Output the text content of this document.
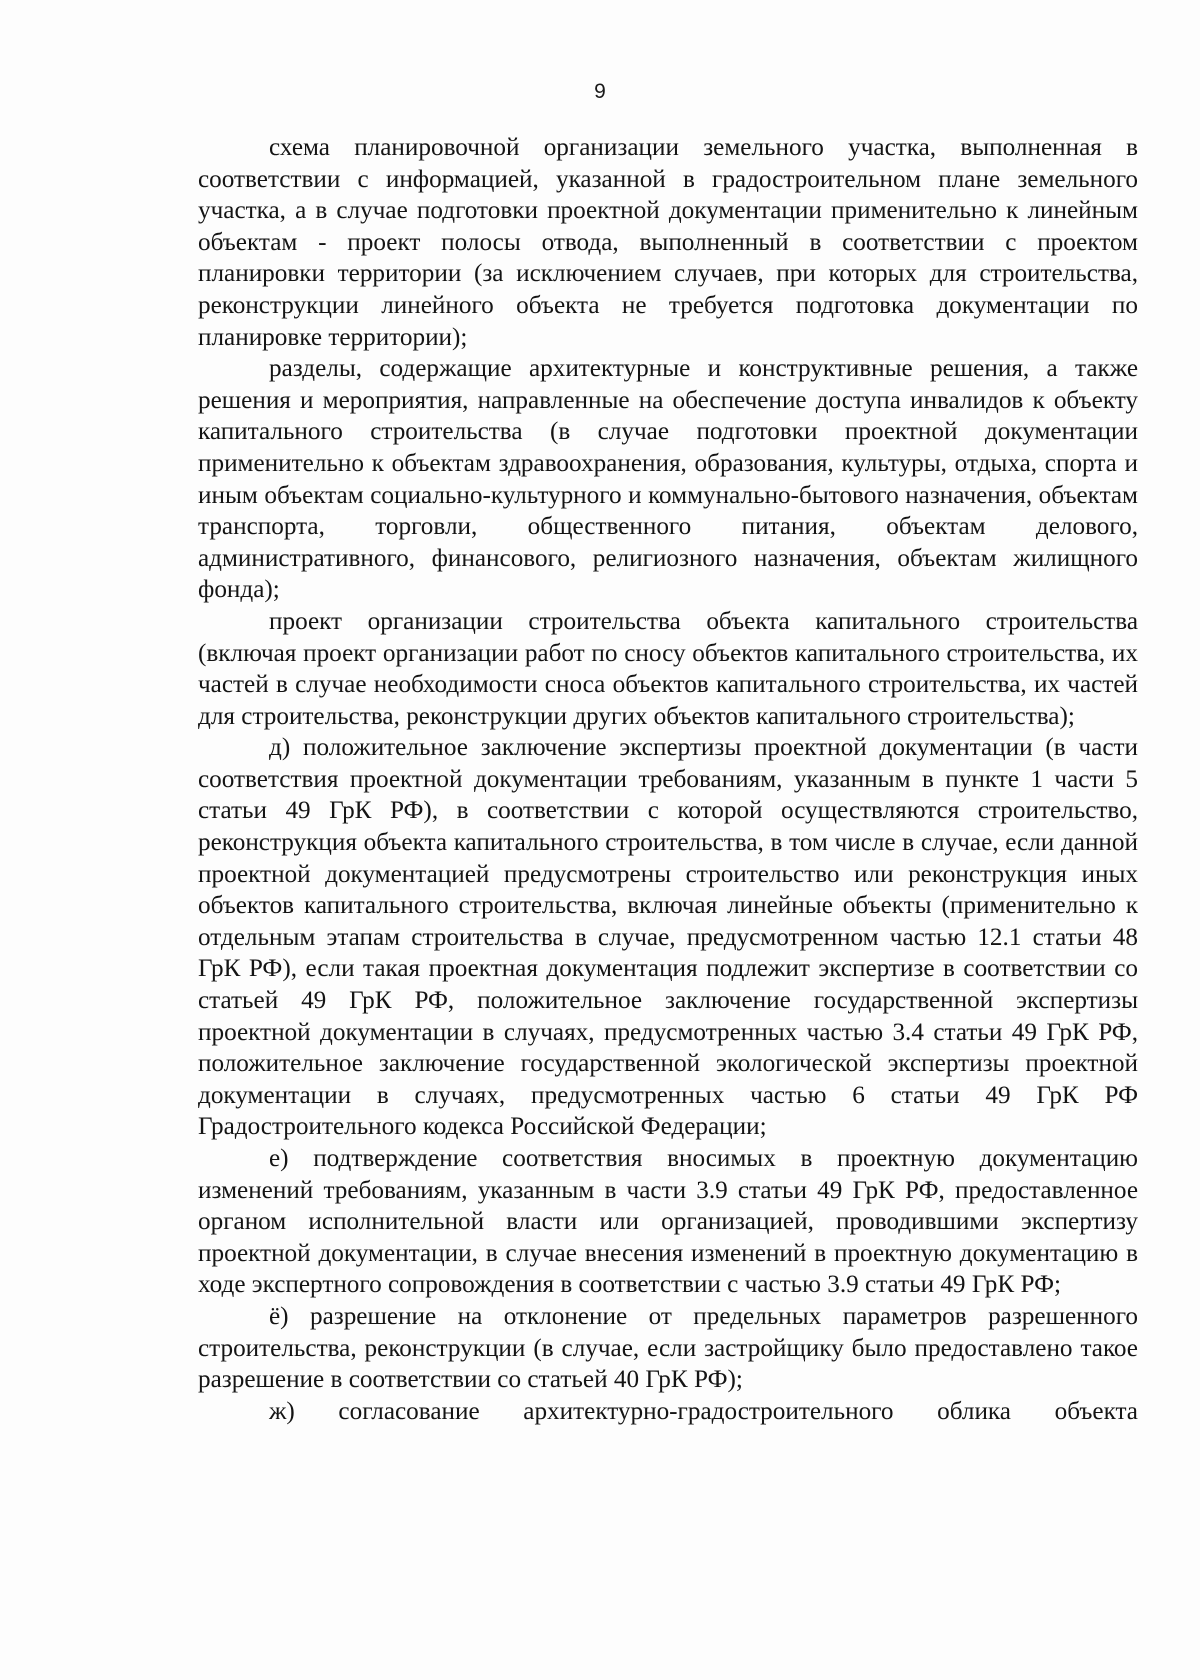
9

схема планировочной организации земельного участка, выполненная в соответствии с информацией, указанной в градостроительном плане земельного участка, а в случае подготовки проектной документации применительно к линейным объектам - проект полосы отвода, выполненный в соответствии с проектом планировки территории (за исключением случаев, при которых для строительства, реконструкции линейного объекта не требуется подготовка документации по планировке территории);

разделы, содержащие архитектурные и конструктивные решения, а также решения и мероприятия, направленные на обеспечение доступа инвалидов к объекту капитального строительства (в случае подготовки проектной документации применительно к объектам здравоохранения, образования, культуры, отдыха, спорта и иным объектам социально-культурного и коммунально-бытового назначения, объектам транспорта, торговли, общественного питания, объектам делового, административного, финансового, религиозного назначения, объектам жилищного фонда);

проект организации строительства объекта капитального строительства (включая проект организации работ по сносу объектов капитального строительства, их частей в случае необходимости сноса объектов капитального строительства, их частей для строительства, реконструкции других объектов капитального строительства);

д) положительное заключение экспертизы проектной документации (в части соответствия проектной документации требованиям, указанным в пункте 1 части 5 статьи 49 ГрК РФ), в соответствии с которой осуществляются строительство, реконструкция объекта капитального строительства, в том числе в случае, если данной проектной документацией предусмотрены строительство или реконструкция иных объектов капитального строительства, включая линейные объекты (применительно к отдельным этапам строительства в случае, предусмотренном частью 12.1 статьи 48 ГрК РФ), если такая проектная документация подлежит экспертизе в соответствии со статьей 49 ГрК РФ, положительное заключение государственной экспертизы проектной документации в случаях, предусмотренных частью 3.4 статьи 49 ГрК РФ, положительное заключение государственной экологической экспертизы проектной документации в случаях, предусмотренных частью 6 статьи 49 ГрК РФ Градостроительного кодекса Российской Федерации;

е) подтверждение соответствия вносимых в проектную документацию изменений требованиям, указанным в части 3.9 статьи 49 ГрК РФ, предоставленное органом исполнительной власти или организацией, проводившими экспертизу проектной документации, в случае внесения изменений в проектную документацию в ходе экспертного сопровождения в соответствии с частью 3.9 статьи 49 ГрК РФ;

ё) разрешение на отклонение от предельных параметров разрешенного строительства, реконструкции (в случае, если застройщику было предоставлено такое разрешение в соответствии со статьей 40 ГрК РФ);

ж) согласование архитектурно-градостроительного облика объекта
